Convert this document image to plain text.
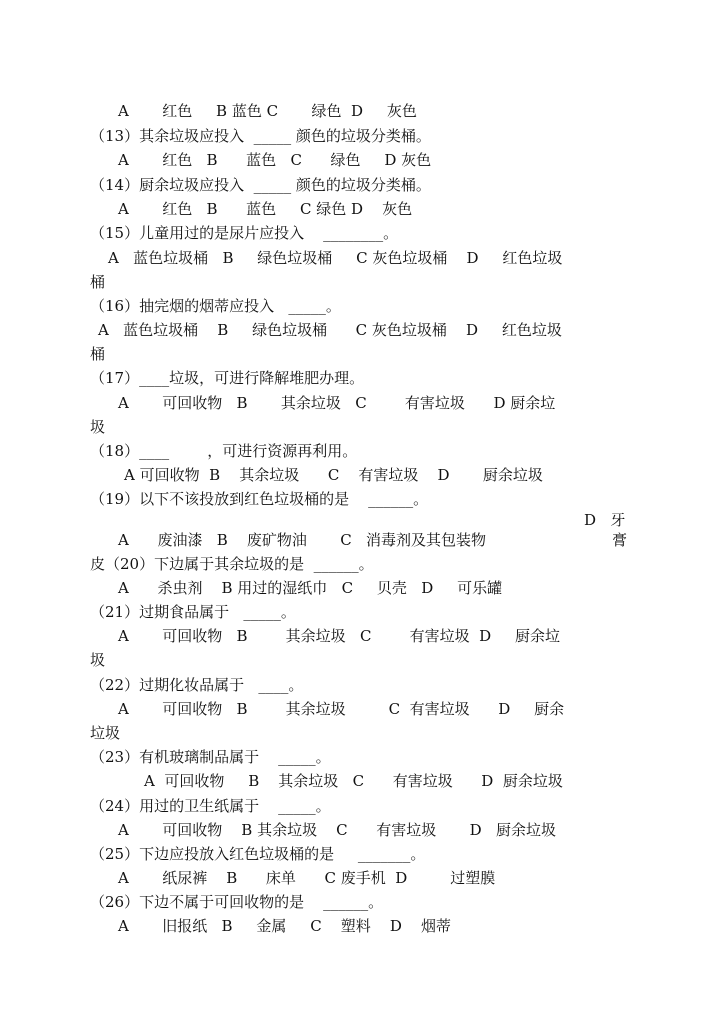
A       红色     B 蓝色 C       绿色  D     灰色
（13）其余垃圾应投入  _____ 颜色的垃圾分类桶。
A       红色   B      蓝色   C      绿色     D 灰色
（14）厨余垃圾应投入  _____ 颜色的垃圾分类桶。
A       红色   B      蓝色     C 绿色 D    灰色
（15）儿童用过的是尿片应投入    ________。
A   蓝色垃圾桶   B     绿色垃圾桶     C 灰色垃圾桶    D     红色垃圾
桶
（16）抽完烟的烟蒂应投入   _____。
A   蓝色垃圾桶    B     绿色垃圾桶      C 灰色垃圾桶    D     红色垃圾
桶
（17）____垃圾，可进行降解堆肥办理。
A       可回收物   B       其余垃圾   C        有害垃圾      D 厨余垃
圾
（18）____        ，可进行资源再利用。
A 可回收物  B    其余垃圾      C    有害垃圾    D       厨余垃圾
（19）以下不该投放到红色垃圾桶的是    ______。
D   牙
A      废油漆   B    废矿物油       C   消毒剂及其包装物	膏
皮（20）下边属于其余垃圾的是  ______。
A      杀虫剂    B 用过的湿纸巾   C     贝壳   D     可乐罐
（21）过期食品属于   _____。
A       可回收物   B        其余垃圾   C        有害垃圾  D     厨余垃
圾
（22）过期化妆品属于   ____。
A       可回收物   B        其余垃圾         C  有害垃圾      D     厨余
垃圾
（23）有机玻璃制品属于    _____。
A  可回收物     B    其余垃圾   C      有害垃圾      D  厨余垃圾
（24）用过的卫生纸属于    _____。
A       可回收物    B 其余垃圾    C      有害垃圾       D   厨余垃圾
（25）下边应投放入红色垃圾桶的是     _______。
A       纸尿裤    B      床单      C 废手机  D         过塑膜
（26）下边不属于可回收物的是    ______。
A       旧报纸   B     金属     C    塑料    D    烟蒂
